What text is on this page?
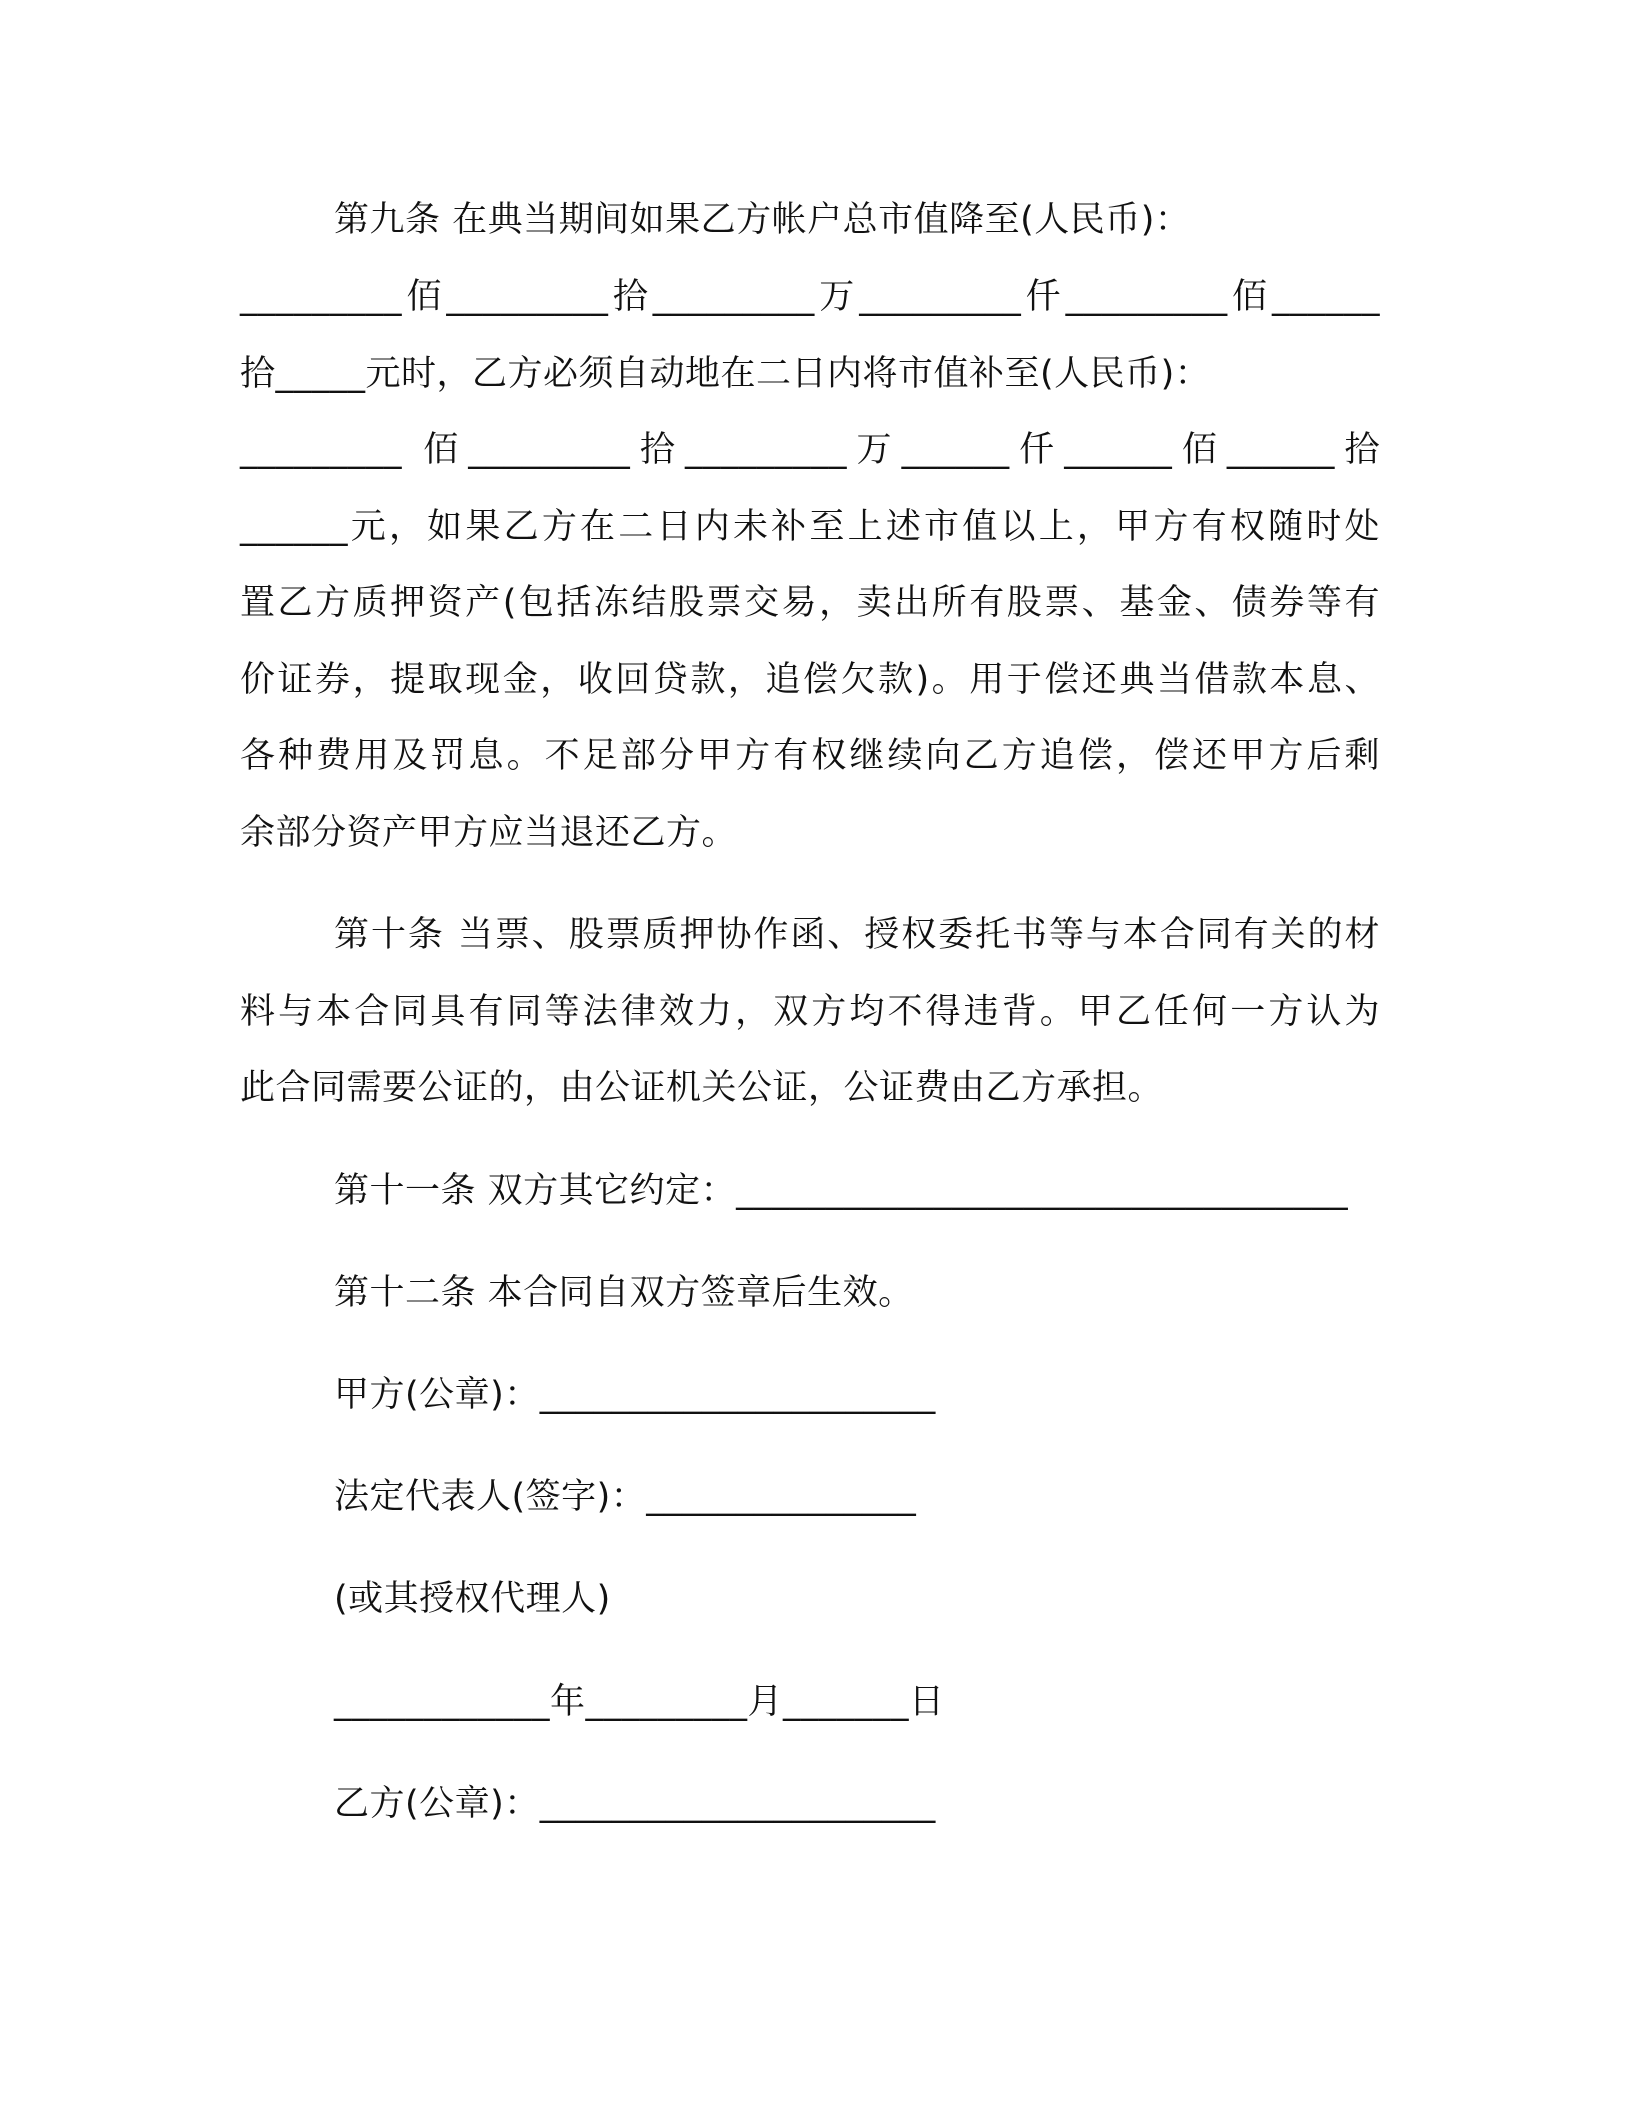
第九条 在典当期间如果乙方帐户总市值降至(人民币)：
_________佰_________拾_________万_________仟_________佰______
拾_____元时，乙方必须自动地在二日内将市值补至(人民币)：
_________ 佰_________拾_________万______仟______佰______拾
______元，如果乙方在二日内未补至上述市值以上，甲方有权随时处
置乙方质押资产(包括冻结股票交易，卖出所有股票、基金、债券等有
价证券，提取现金，收回贷款，追偿欠款)。用于偿还典当借款本息、
各种费用及罚息。不足部分甲方有权继续向乙方追偿，偿还甲方后剩
余部分资产甲方应当退还乙方。
第十条 当票、股票质押协作函、授权委托书等与本合同有关的材
料与本合同具有同等法律效力，双方均不得违背。甲乙任何一方认为
此合同需要公证的，由公证机关公证，公证费由乙方承担。
第十一条 双方其它约定：__________________________________
第十二条 本合同自双方签章后生效。
甲方(公章)：______________________
法定代表人(签字)：_______________
(或其授权代理人)
____________年_________月_______日
乙方(公章)：______________________
